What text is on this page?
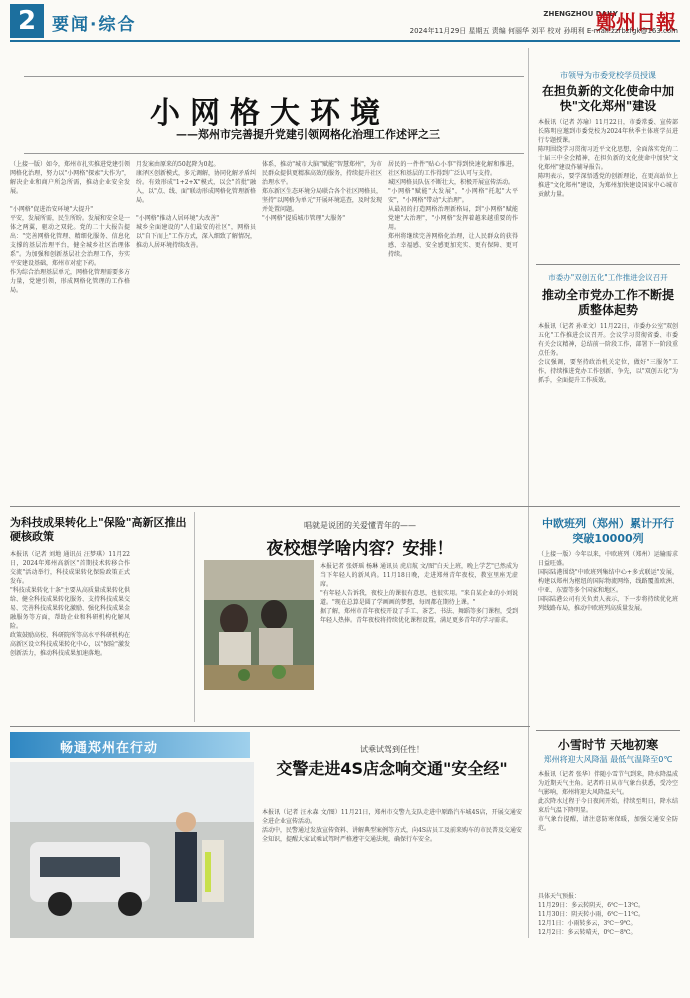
2 要闻·综合
ZHENGZHOU DAILY
鄭州日報
2024年11月29日 星期五 责编 何丽华 刘平 校对 孙明利 E-mail:zzrbzfgk@163.com
小网格大环境
——郑州市完善提升党建引领网格化治理工作述评之三
（上接一版）如今，郑州市扎实推进党建引领网格化治理，努力以"小网格"探索"大作为"，解决企业和商户所急所需，推动企业安全发展。

"小网格"促进治安环境"大提升"
平安，发展所需，民生所盼。发展和安全是一体之两翼，驱动之双轮。党的二十大报告提出："完善网格化管理、精细化服务、信息化支撑的基层治理平台，健全城乡社区治理体系"。为加强和创新基层社会治理工作，夯实平安建设基础，郑州市对症下药。
作为综合治理基层单元，网格化管理需要多方力量，党建引领，形成网格化管理的工作格局。
月发案由原来的50起降为0起。
康泽区创新模式，多元调解，协同化解矛盾纠纷。有效形成"1+2+X"模式，以会"首批"融入，以"点、线、面"联动形成网格化管理新格局。

"小网格"推动人居环境"大改善"
城乡全面建设的"人们最安的社区"，网格员以"自下而上"工作方式，深入细致了解情况，推动人居环境持续改善。
体系，推动"城市大脑"赋能"智慧郑州"，为市民群众提供更精准高效的服务，持续提升社区治理水平。
郑东新区生态环境分局联合各个社区网格员，坚持"以网格为单元"开展环境巡查，及时发现并处置问题。
"小网格"提质城市管理"大服务"
居民的一件件"贴心小事"得到快速化解和推进，社区和基层的工作得到广泛认可与支持。
城区网格员队伍不断壮大，积极开展宣传活动。
"小网格"赋能"大发展"，"小网格"托起"大平安"，"小网格"带动"大治理"。
从最初的打造网格治理新格局，到"小网格"赋能党建"大治理"，"小网格"发挥着越来越重要的作用。
郑州将继续完善网格化治理，让人民群众的获得感、幸福感、安全感更加充实、更有保障、更可持续。
市领导为市委党校学员授课
在担负新的文化使命中加快"文化郑州"建设
本报讯（记者 苏瑜）11月22日，市委常委、宣传部长陈明应邀到市委党校为2024年秋季主体班学员进行专题授课。
陈明围绕学习贯彻习近平文化思想，全面落实党的二十届三中全会精神，在担负新的文化使命中加快"文化郑州"建设作辅导报告。
陈明表示，要学深悟透党的创新理论，在更高站位上推进"文化郑州"建设，为郑州加快建设国家中心城市贡献力量。
市委办"双创五化"工作推进会议召开
推动全市党办工作不断提质整体起势
本报讯（记者 孙亚文）11月22日，市委办公室"双创五化"工作推进会议召开。会议学习贯彻省委、市委有关会议精神，总结前一阶段工作，部署下一阶段重点任务。
会议强调，要坚持政治机关定位，做好"三服务"工作，持续推进党办工作创新、争先，以"双创五化"为抓手，全面提升工作质效。
为科技成果转化上"保险"高新区推出硬核政策
本报讯（记者 刘地 通讯员 汪梦琪）11月22日，2024年郑州高新区"首期技术转移合作交流"活动举行，科技成果转化保险政策正式发布。
"科技成果转化十条"主要从高质量成果转化供给、健全科技成果转化服务、支持科技成果交易、完善科技成果转化激励、强化科技成果金融服务等方面，帮助企业和科研机构化解风险。
政策鼓励高校、科研院所等高水平科研机构在高新区设立科技成果转化中心，以"保险"激发创新活力，推动科技成果加速落地。
唱就是说团的关爱懂青年的——
夜校想学啥内容？安排！
本报记者 张妍瑶 杨琳 通讯员 虎启航 文/图"白天上班，晚上学艺"已然成为当下年轻人的新风尚。11月18日晚，走进郑州青年夜校，教室里座无虚席。
"有年轻人告诉我，夜校上的课很有意思，也很实用。"来自某企业的小刘说道。"现在总算是圆了学画画的梦想，每周都在期待上课。"
据了解，郑州市青年夜校开设了手工、茶艺、书法、舞蹈等多门课程，受到年轻人热捧。青年夜校将持续优化课程设置，满足更多青年的学习需求。
中欧班列（郑州）累计开行突破10000列
（上接一版）今年以来，中欧班列（郑州）运输需求日益旺盛。
国际陆港围绕"中欧班列集结中心+多式联运"发展，构建以郑州为枢纽的国际物流网络，线路覆盖欧洲、中亚、东盟等多个国家和地区。
国际陆港公司有关负责人表示，下一步将持续优化班列线路布局，推动中欧班列高质量发展。
畅通郑州在行动	试乘试驾到任性！
交警走进4S店念响交通"安全经"
本报讯（记者 汪永森 文/图）11月21日，郑州市交警九支队走进中原路汽车城4S店，开展交通安全进企业宣传活动。
活动中，民警通过发放宣传资料、讲解典型案例等方式，向4S店员工及前来购车的市民普及交通安全知识，提醒大家试乘试驾时严格遵守交通法规，确保行车安全。
小雪时节 天地初寒
郑州将迎大风降温 最低气温降至0℃
本报讯（记者 张华）伴随小雪节气到来，降水降温成为近期天气主角。记者昨日从市气象台获悉，受冷空气影响，郑州将迎大风降温天气。
此次降水过程于今日夜间开始，持续至明日，降水结束后气温下降明显。
市气象台提醒，请注意防寒保暖，加强交通安全防范。
具体天气预报：
11月29日：多云转阴天，6℃～13℃。
11月30日：阴天转小雨，6℃～11℃。
12月1日：小雨转多云，3℃～9℃。
12月2日：多云转晴天，0℃～8℃。
